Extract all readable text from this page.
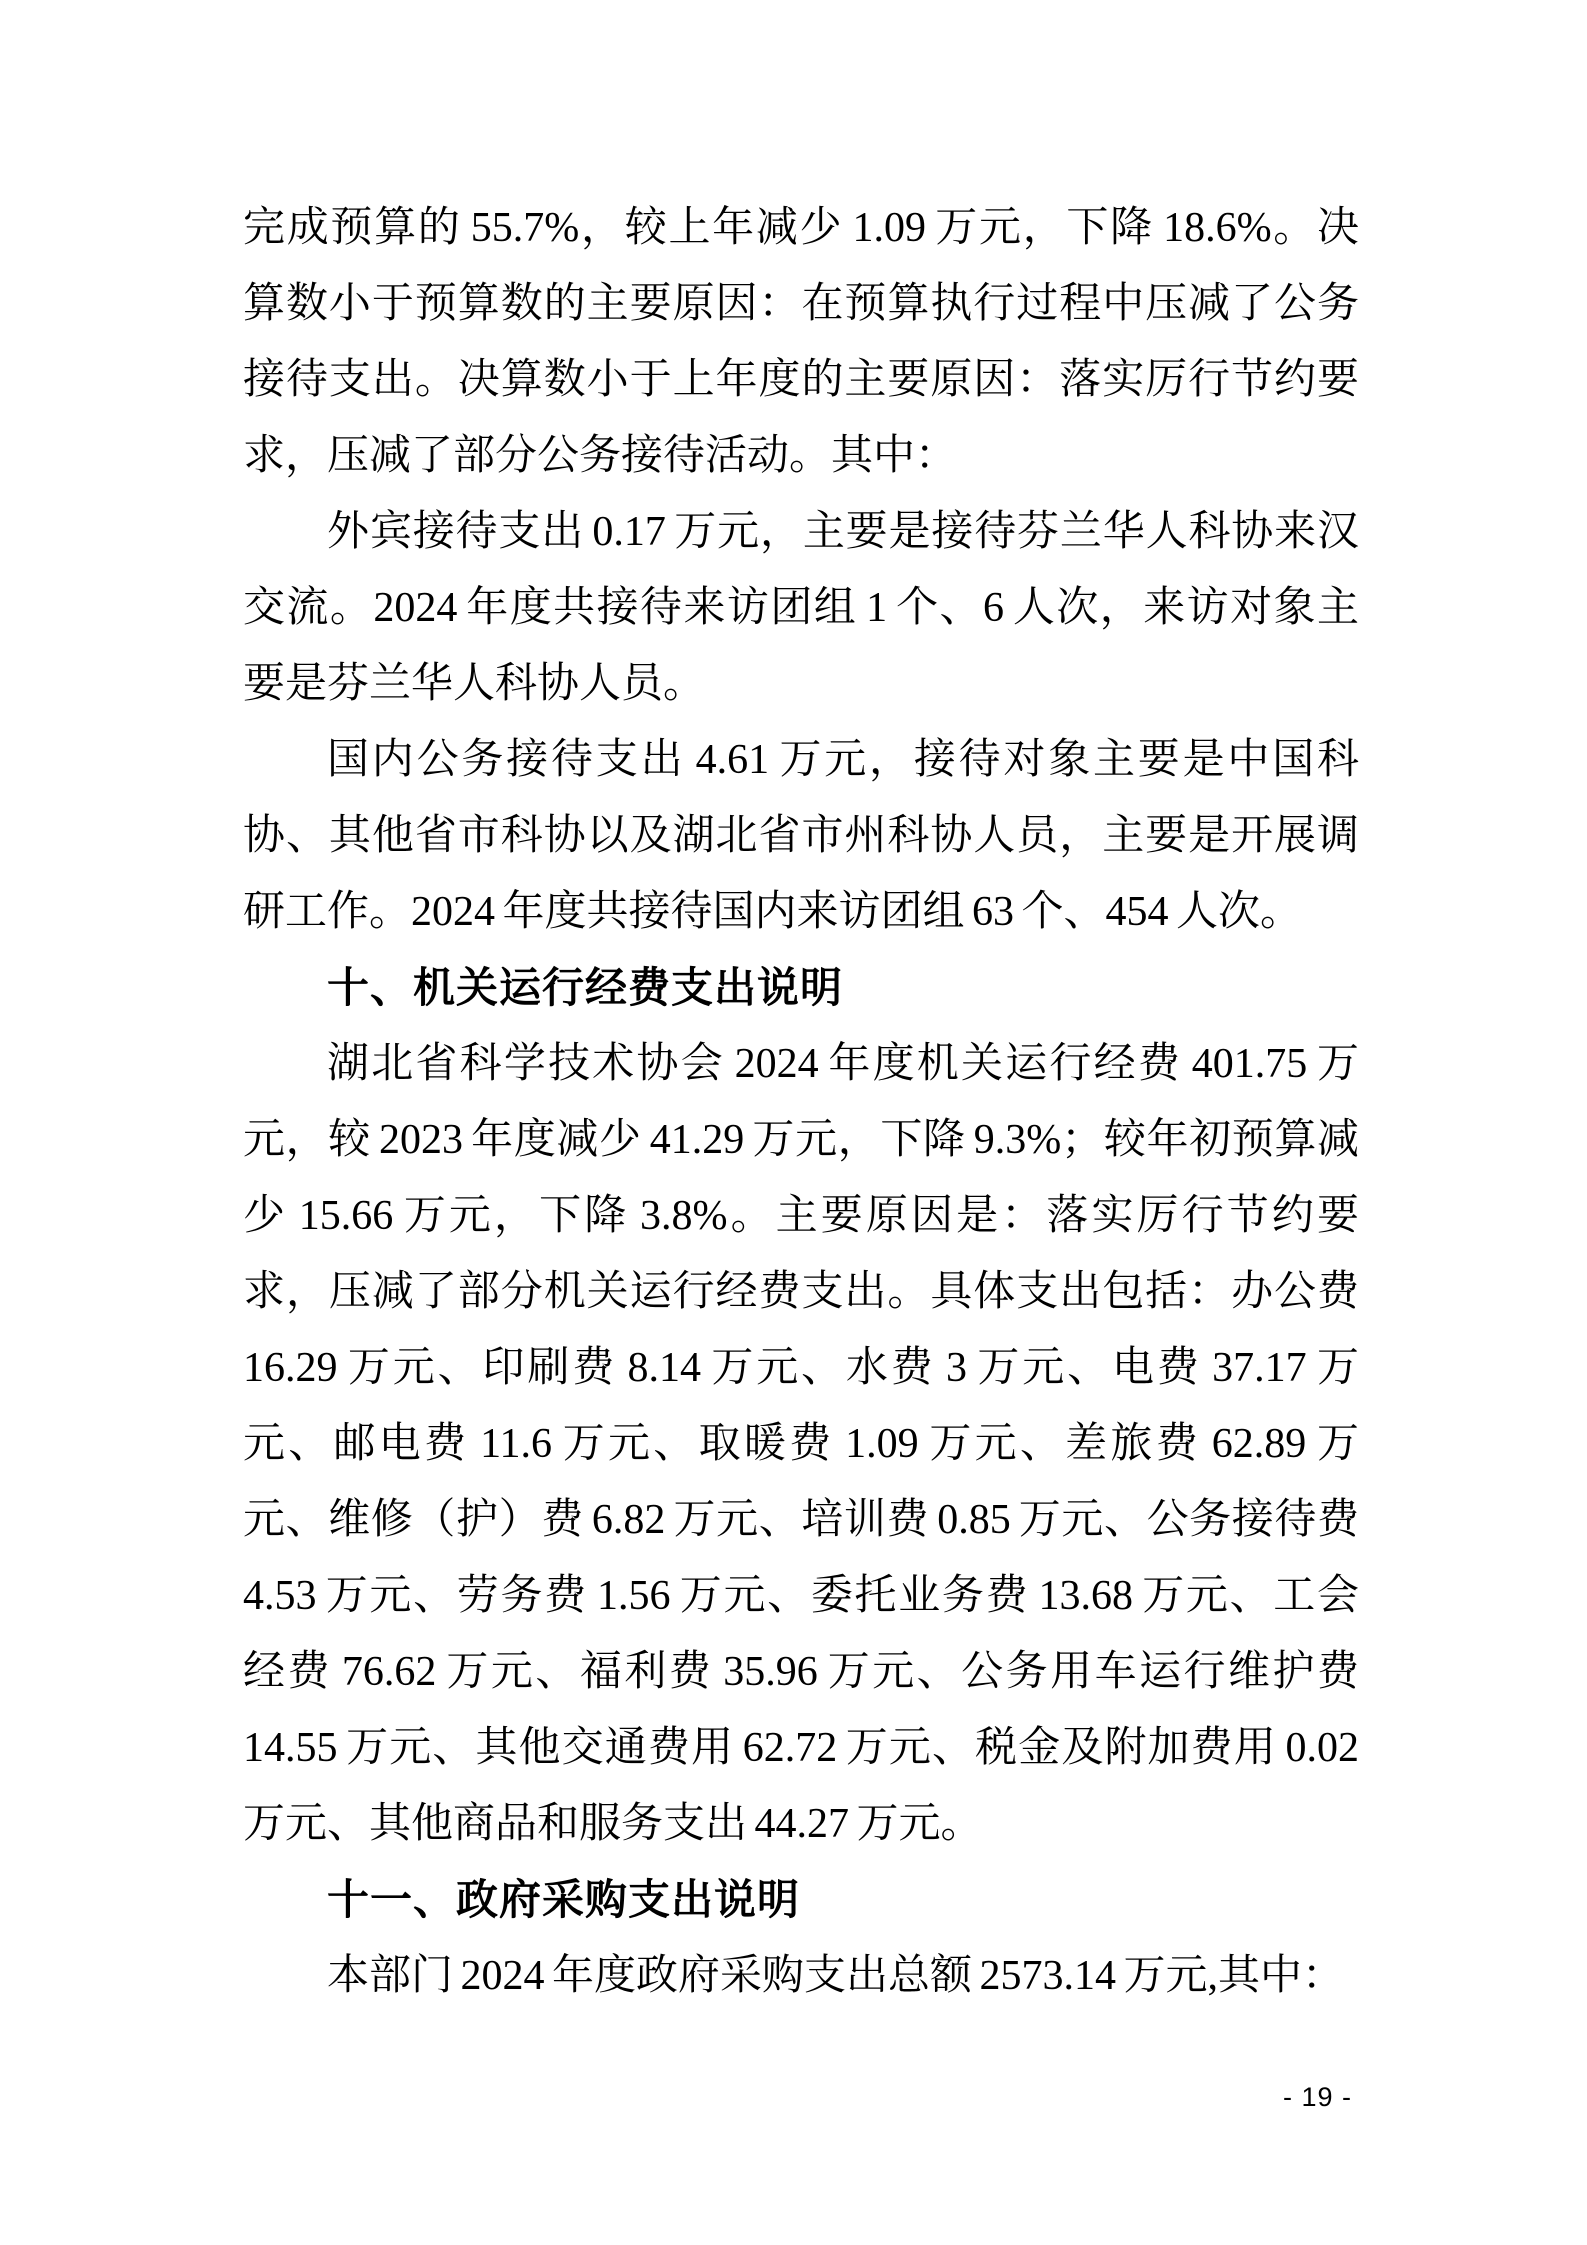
完成预算的 55.7%，较上年减少 1.09 万元，下降 18.6%。决算数小于预算数的主要原因：在预算执行过程中压减了公务接待支出。决算数小于上年度的主要原因：落实厉行节约要求，压减了部分公务接待活动。其中：

外宾接待支出 0.17 万元，主要是接待芬兰华人科协来汉交流。2024 年度共接待来访团组 1 个、6 人次，来访对象主要是芬兰华人科协人员。

国内公务接待支出 4.61 万元，接待对象主要是中国科协、其他省市科协以及湖北省市州科协人员，主要是开展调研工作。2024 年度共接待国内来访团组 63 个、454 人次。

十、机关运行经费支出说明

湖北省科学技术协会 2024 年度机关运行经费 401.75 万元，较 2023 年度减少 41.29 万元，下降 9.3%；较年初预算减少 15.66 万元，下降 3.8%。主要原因是：落实厉行节约要求，压减了部分机关运行经费支出。具体支出包括：办公费 16.29 万元、印刷费 8.14 万元、水费 3 万元、电费 37.17 万元、邮电费 11.6 万元、取暖费 1.09 万元、差旅费 62.89 万元、维修（护）费 6.82 万元、培训费 0.85 万元、公务接待费 4.53 万元、劳务费 1.56 万元、委托业务费 13.68 万元、工会经费 76.62 万元、福利费 35.96 万元、公务用车运行维护费 14.55 万元、其他交通费用 62.72 万元、税金及附加费用 0.02 万元、其他商品和服务支出 44.27 万元。

十一、政府采购支出说明

本部门 2024 年度政府采购支出总额 2573.14 万元,其中：

- 19 -
